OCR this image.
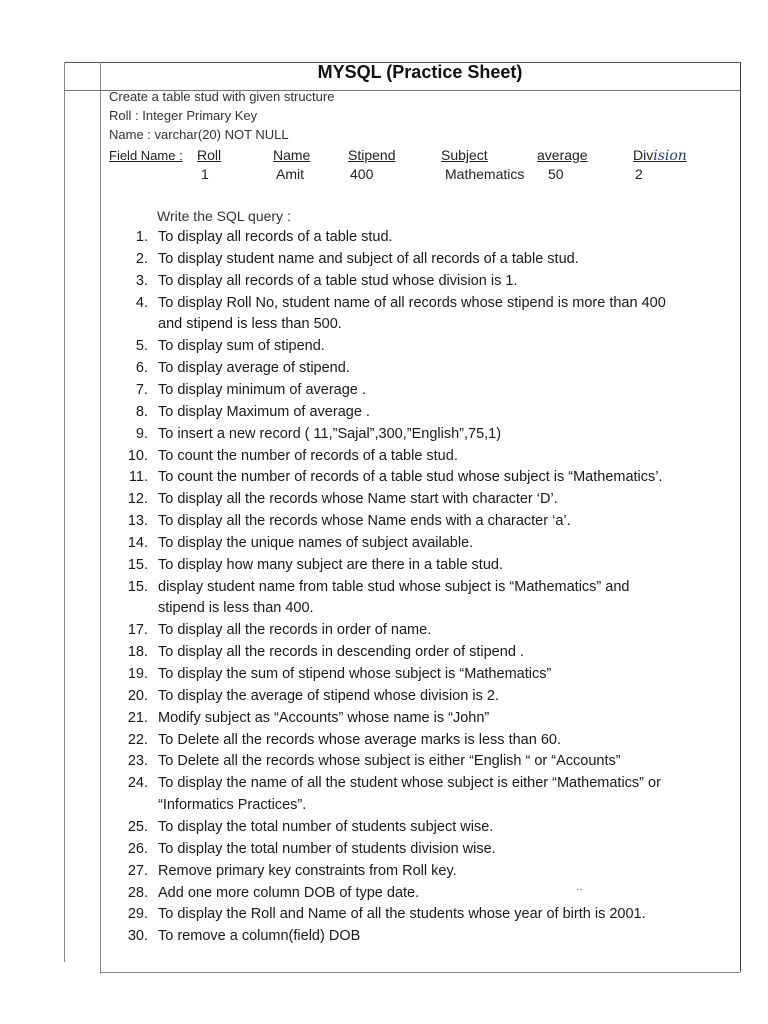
MYSQL (Practice Sheet)
Create a table stud with given structure
Roll : Integer Primary Key
Name : varchar(20) NOT NULL
Field Name : Roll	Name	Stipend	Subject	average	Division
1	Amit	400	Mathematics 50	2
Write the SQL query :
1. To display all records of a table stud.
2. To display student name and subject of all records of a table stud.
3. To display all records of a table stud whose division is 1.
4. To display Roll No, student name of all records whose stipend is more than 400
and stipend is less than 500.
5. To display sum of stipend.
6. To display average of stipend.
7. To display minimum of average .
8. To display Maximum of average .
9. To insert a new record ( 11,”Sajal”,300,”English”,75,1)
10. To count the number of records of a table stud.
11. To count the number of records of a table stud whose subject is “Mathematics’.
12. To display all the records whose Name start with character ‘D’.
13. To display all the records whose Name ends with a character ‘a’.
14. To display the unique names of subject available.
15. To display how many subject are there in a table stud.
15. display student name from table stud whose subject is “Mathematics” and
stipend is less than 400.
17. To display all the records in order of name.
18. To display all the records in descending order of stipend .
19. To display the sum of stipend whose subject is “Mathematics”
20. To display the average of stipend whose division is 2.
21. Modify subject as “Accounts” whose name is “John”
22. To Delete all the records whose average marks is less than 60.
23. To Delete all the records whose subject is either “English “ or “Accounts”
24. To display the name of all the student whose subject is either “Mathematics” or
“Informatics Practices”.
25. To display the total number of students subject wise.
26. To display the total number of students division wise.
27. Remove primary key constraints from Roll key.
28. Add one more column DOB of type date.
29. To display the Roll and Name of all the students whose year of birth is 2001.
30. To remove a column(field) DOB
··
